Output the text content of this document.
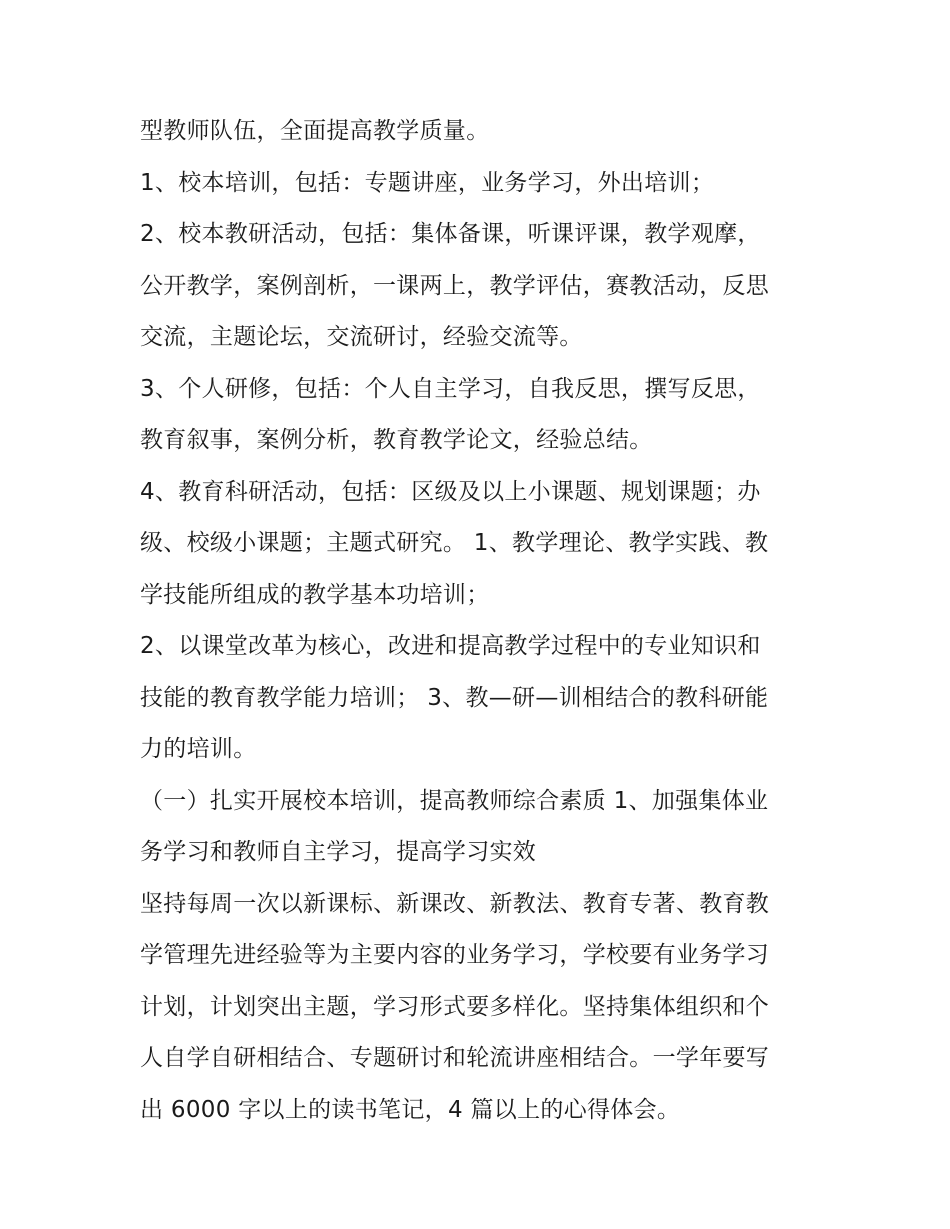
型教师队伍，全面提高教学质量。
1、校本培训，包括：专题讲座，业务学习，外出培训；
2、校本教研活动，包括：集体备课，听课评课，教学观摩，
公开教学，案例剖析，一课两上，教学评估，赛教活动，反思
交流，主题论坛，交流研讨，经验交流等。
3、个人研修，包括：个人自主学习，自我反思，撰写反思，
教育叙事，案例分析，教育教学论文，经验总结。
4、教育科研活动，包括：区级及以上小课题、规划课题；办
级、校级小课题；主题式研究。 1、教学理论、教学实践、教
学技能所组成的教学基本功培训；
2、以课堂改革为核心，改进和提高教学过程中的专业知识和
技能的教育教学能力培训； 3、教—研—训相结合的教科研能
力的培训。
（一）扎实开展校本培训，提高教师综合素质 1、加强集体业
务学习和教师自主学习，提高学习实效
坚持每周一次以新课标、新课改、新教法、教育专著、教育教
学管理先进经验等为主要内容的业务学习，学校要有业务学习
计划，计划突出主题，学习形式要多样化。坚持集体组织和个
人自学自研相结合、专题研讨和轮流讲座相结合。一学年要写
出 6000 字以上的读书笔记，4 篇以上的心得体会。
